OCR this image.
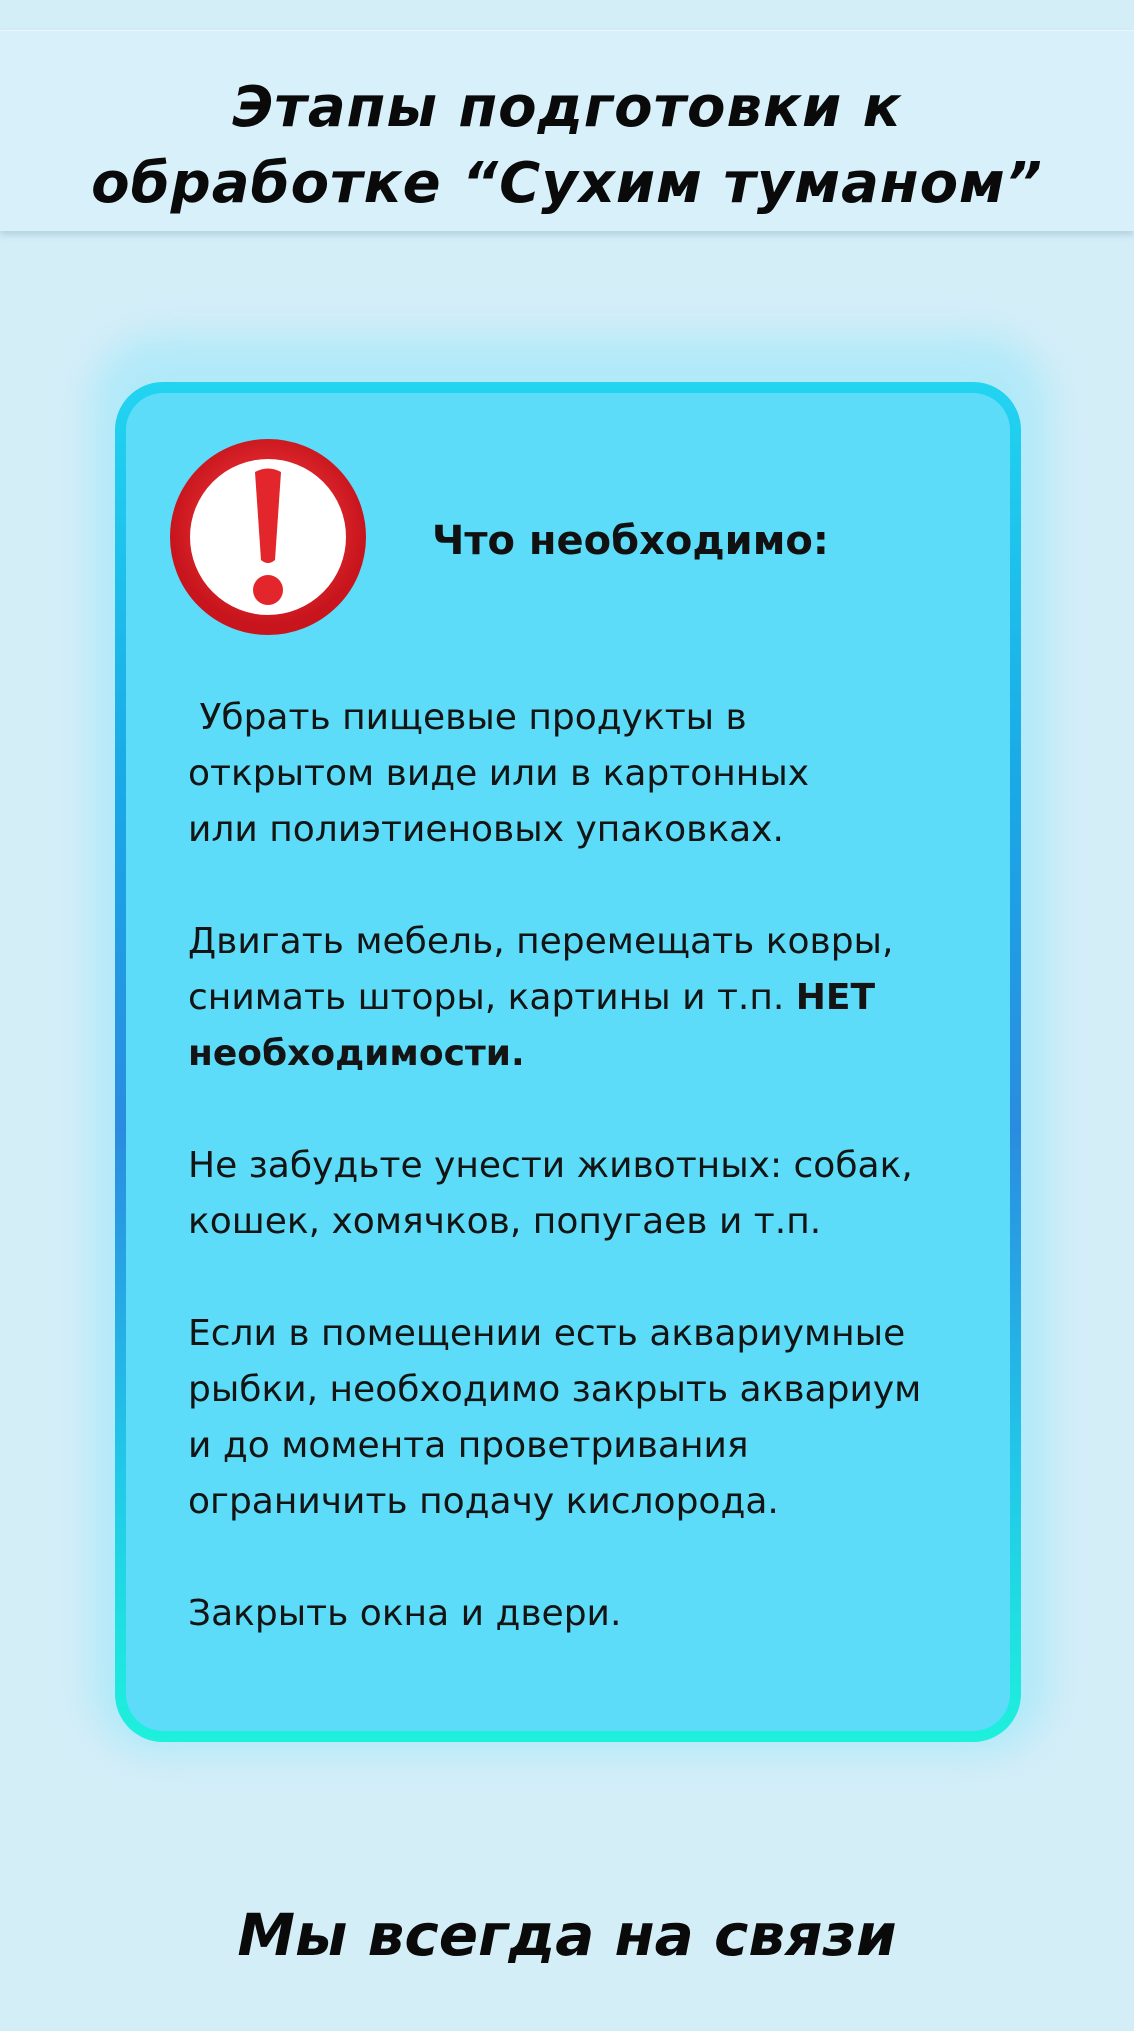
Этапы подготовки к
обработке “Сухим туманом”
Что необходимо:
Убрать пищевые продукты в
открытом виде или в картонных
или полиэтиеновых упаковках.
Двигать мебель, перемещать ковры,
снимать шторы, картины и т.п. НЕТ
необходимости.
Не забудьте унести животных: собак,
кошек, хомячков, попугаев и т.п.
Если в помещении есть аквариумные
рыбки, необходимо закрыть аквариум
и до момента проветривания
ограничить подачу кислорода.
Закрыть окна и двери.
Мы всегда на связи
